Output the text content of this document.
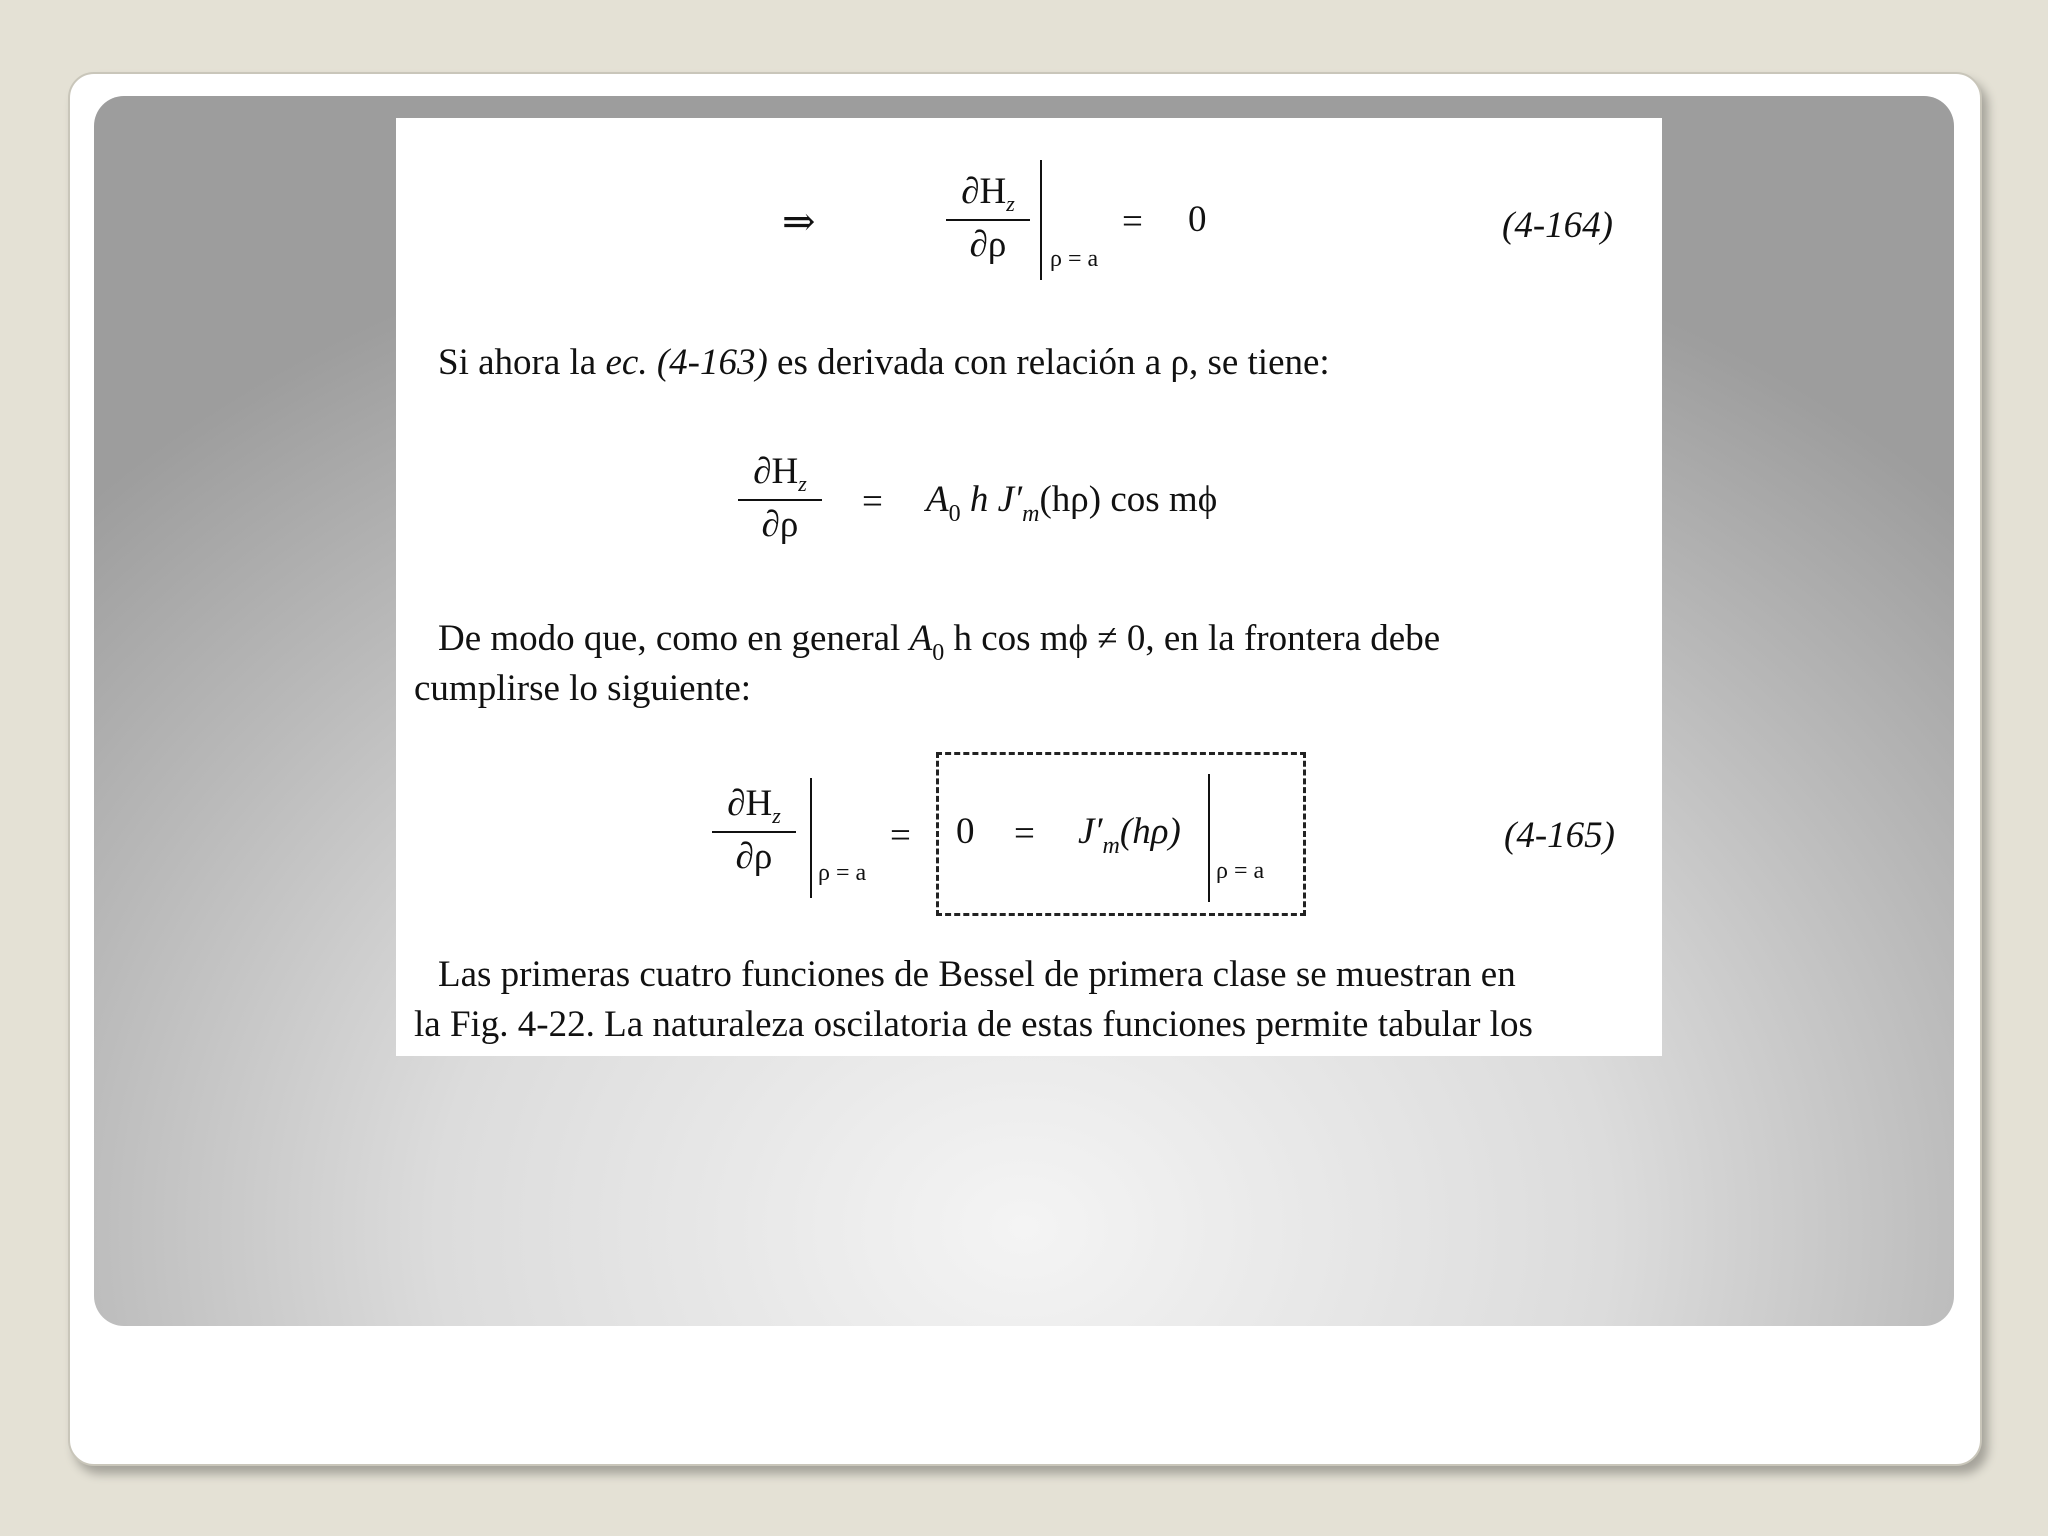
⇒	$\frac{\partial H_z}{\partial\rho}$ ρ = a
= 0	(4-164)
Si ahora la ec. (4-163) es derivada con relación a ρ, se tiene:
$\frac{\partial H_z}{\partial\rho} = A_0$ h $J'_m(h\rho)$ cos mϕ
De modo que, como en general $A_0$ h cos mϕ ≠ 0, en la frontera debe
cumplirse lo siguiente:
$\frac{\partial H_z}{\partial\rho}$ ρ = a
= $0 = J'_m(h\rho)$
ρ = a
(4-165)
Las primeras cuatro funciones de Bessel de primera clase se muestran en
la Fig. 4-22. La naturaleza oscilatoria de estas funciones permite tabular los
